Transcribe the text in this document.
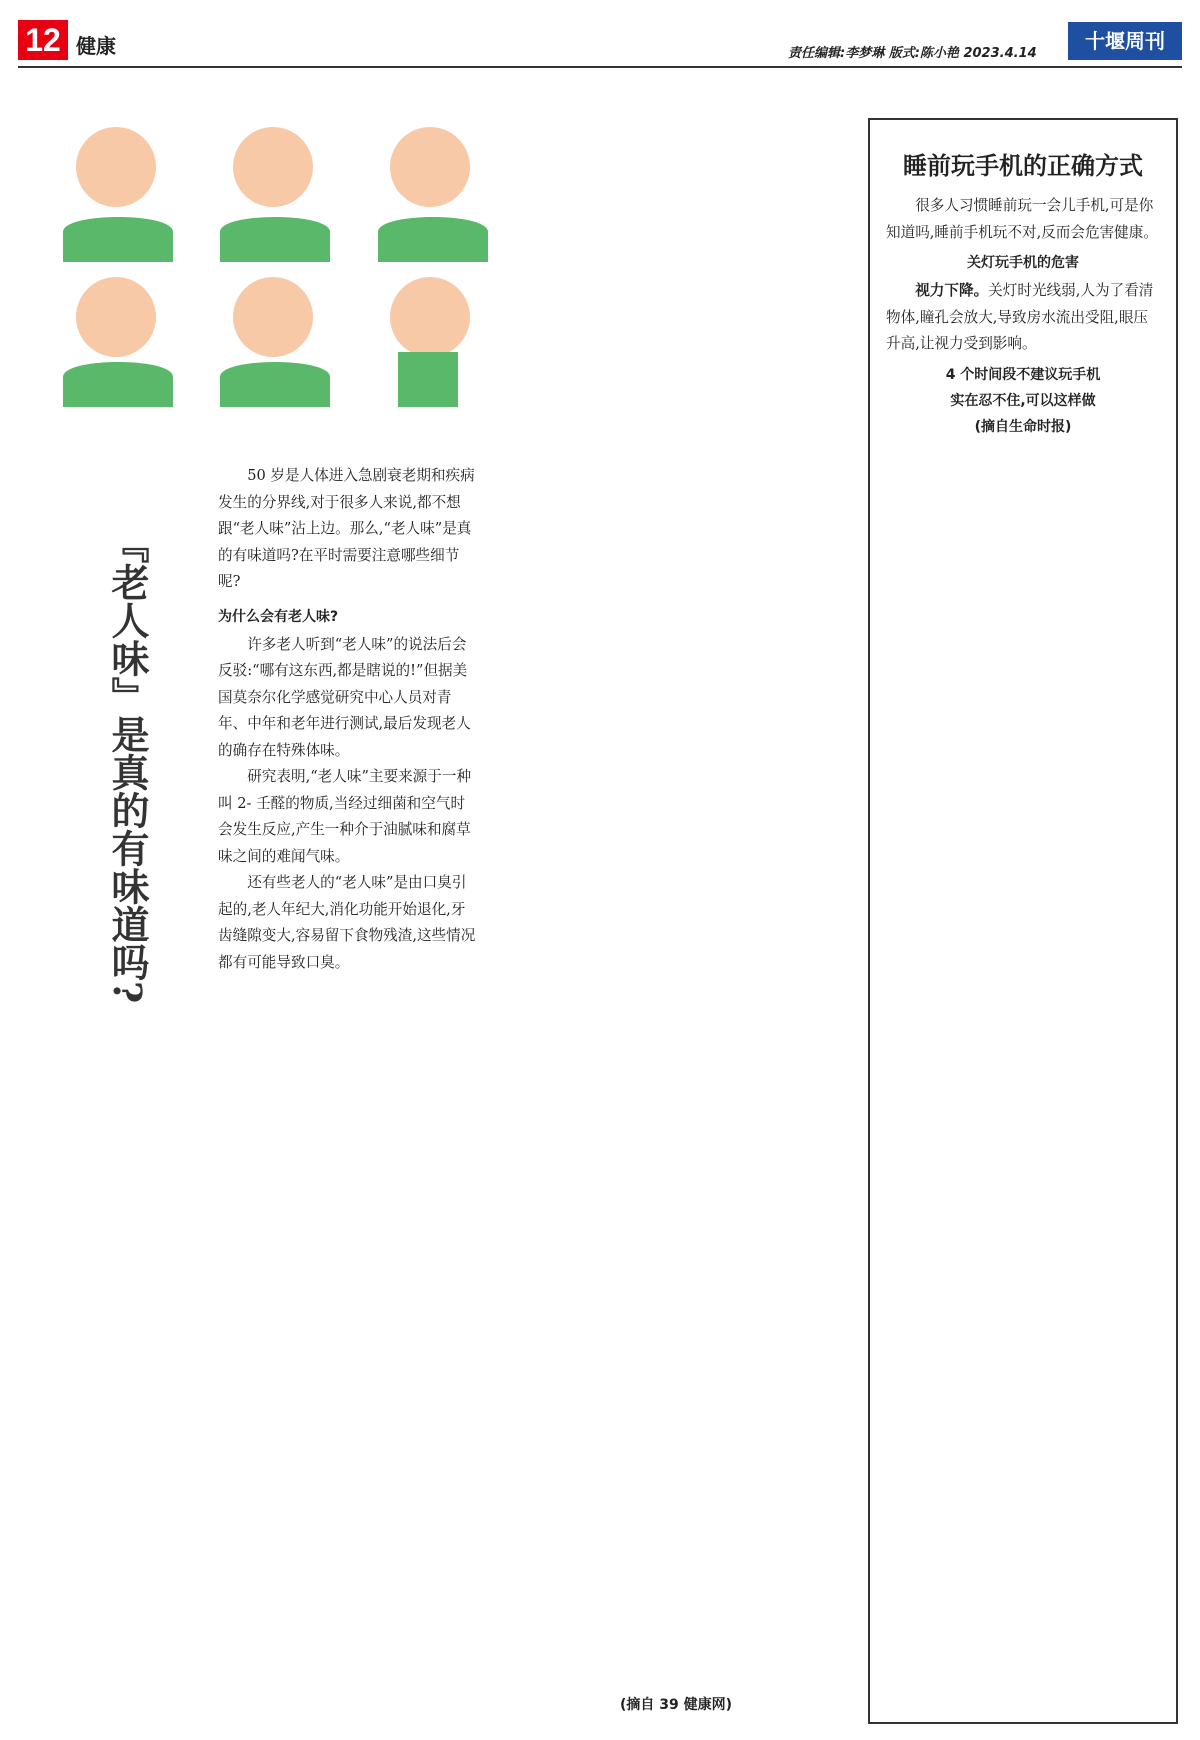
12 健康	责任编辑:李梦琳 版式:陈小艳 2023.4.14
十堰周刊
『老人味』是真的有味道吗?

50 岁是人体进入急剧衰老期和疾病发生的分界线,对于很多人来说,都不想跟“老人味”沾上边。那么,“老人味”是真的有味道吗?在平时需要注意哪些细节呢?

为什么会有老人味?

许多老人听到“老人味”的说法后会反驳:“哪有这东西,都是瞎说的!”但据美国莫奈尔化学感觉研究中心人员对青年、中年和老年进行测试,最后发现老人的确存在特殊体味。

研究表明,“老人味”主要来源于一种叫 2- 壬醛的物质,当经过细菌和空气时会发生反应,产生一种介于油腻味和腐草味之间的难闻气味。

还有些老人的“老人味”是由口臭引起的,老人年纪大,消化功能开始退化,牙齿缝隙变大,容易留下食物残渣,这些情况都有可能导致口臭。

(摘自 39 健康网)
睡前玩手机的正确方式

很多人习惯睡前玩一会儿手机,可是你知道吗,睡前手机玩不对,反而会危害健康。

关灯玩手机的危害

视力下降。关灯时光线弱,人为了看清物体,瞳孔会放大,导致房水流出受阻,眼压升高,让视力受到影响。

4 个时间段不建议玩手机
实在忍不住,可以这样做
(摘自生命时报)
